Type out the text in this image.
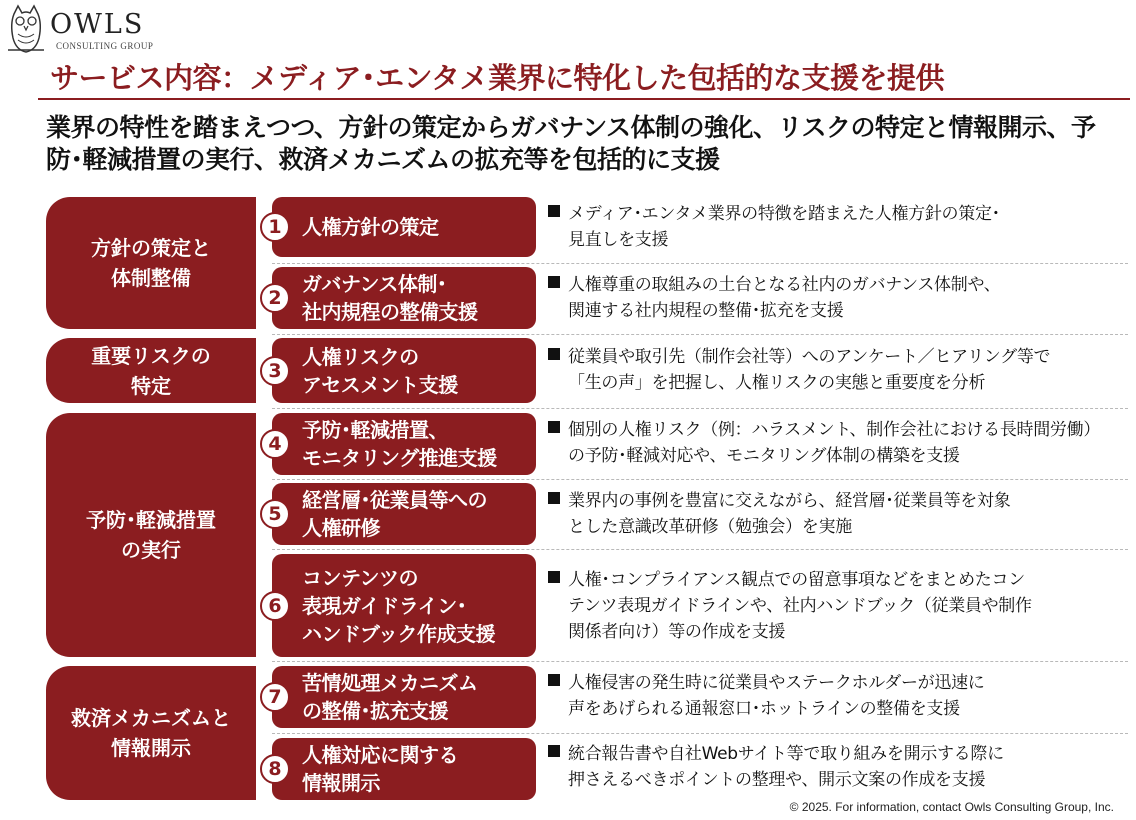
OWLS
CONSULTING GROUP
サービス内容：メディア･エンタメ業界に特化した包括的な支援を提供
業界の特性を踏まえつつ、方針の策定からガバナンス体制の強化、リスクの特定と情報開示、予防･軽減措置の実行、救済メカニズムの拡充等を包括的に支援
方針の策定と
体制整備
重要リスクの
特定
予防･軽減措置
の実行
救済メカニズムと
情報開示
1	人権方針の策定
メディア･エンタメ業界の特徴を踏まえた人権方針の策定･
見直しを支援
2
ガバナンス体制･
社内規程の整備支援
人権尊重の取組みの土台となる社内のガバナンス体制や、
関連する社内規程の整備･拡充を支援
3
人権リスクの
アセスメント支援
従業員や取引先（制作会社等）へのアンケート／ヒアリング等で
「生の声」を把握し、人権リスクの実態と重要度を分析
4
予防･軽減措置、
モニタリング推進支援
個別の人権リスク（例：ハラスメント、制作会社における長時間労働）
の予防･軽減対応や、モニタリング体制の構築を支援
5
経営層･従業員等への
人権研修
業界内の事例を豊富に交えながら、経営層･従業員等を対象
とした意識改革研修（勉強会）を実施
6
コンテンツの
表現ガイドライン･
ハンドブック作成支援
人権･コンプライアンス観点での留意事項などをまとめたコン
テンツ表現ガイドラインや、社内ハンドブック（従業員や制作
関係者向け）等の作成を支援
7
苦情処理メカニズム
の整備･拡充支援
人権侵害の発生時に従業員やステークホルダーが迅速に
声をあげられる通報窓口･ホットラインの整備を支援
8
人権対応に関する
情報開示
統合報告書や自社Webサイト等で取り組みを開示する際に
押さえるべきポイントの整理や、開示文案の作成を支援
© 2025. For information, contact Owls Consulting Group, Inc.
